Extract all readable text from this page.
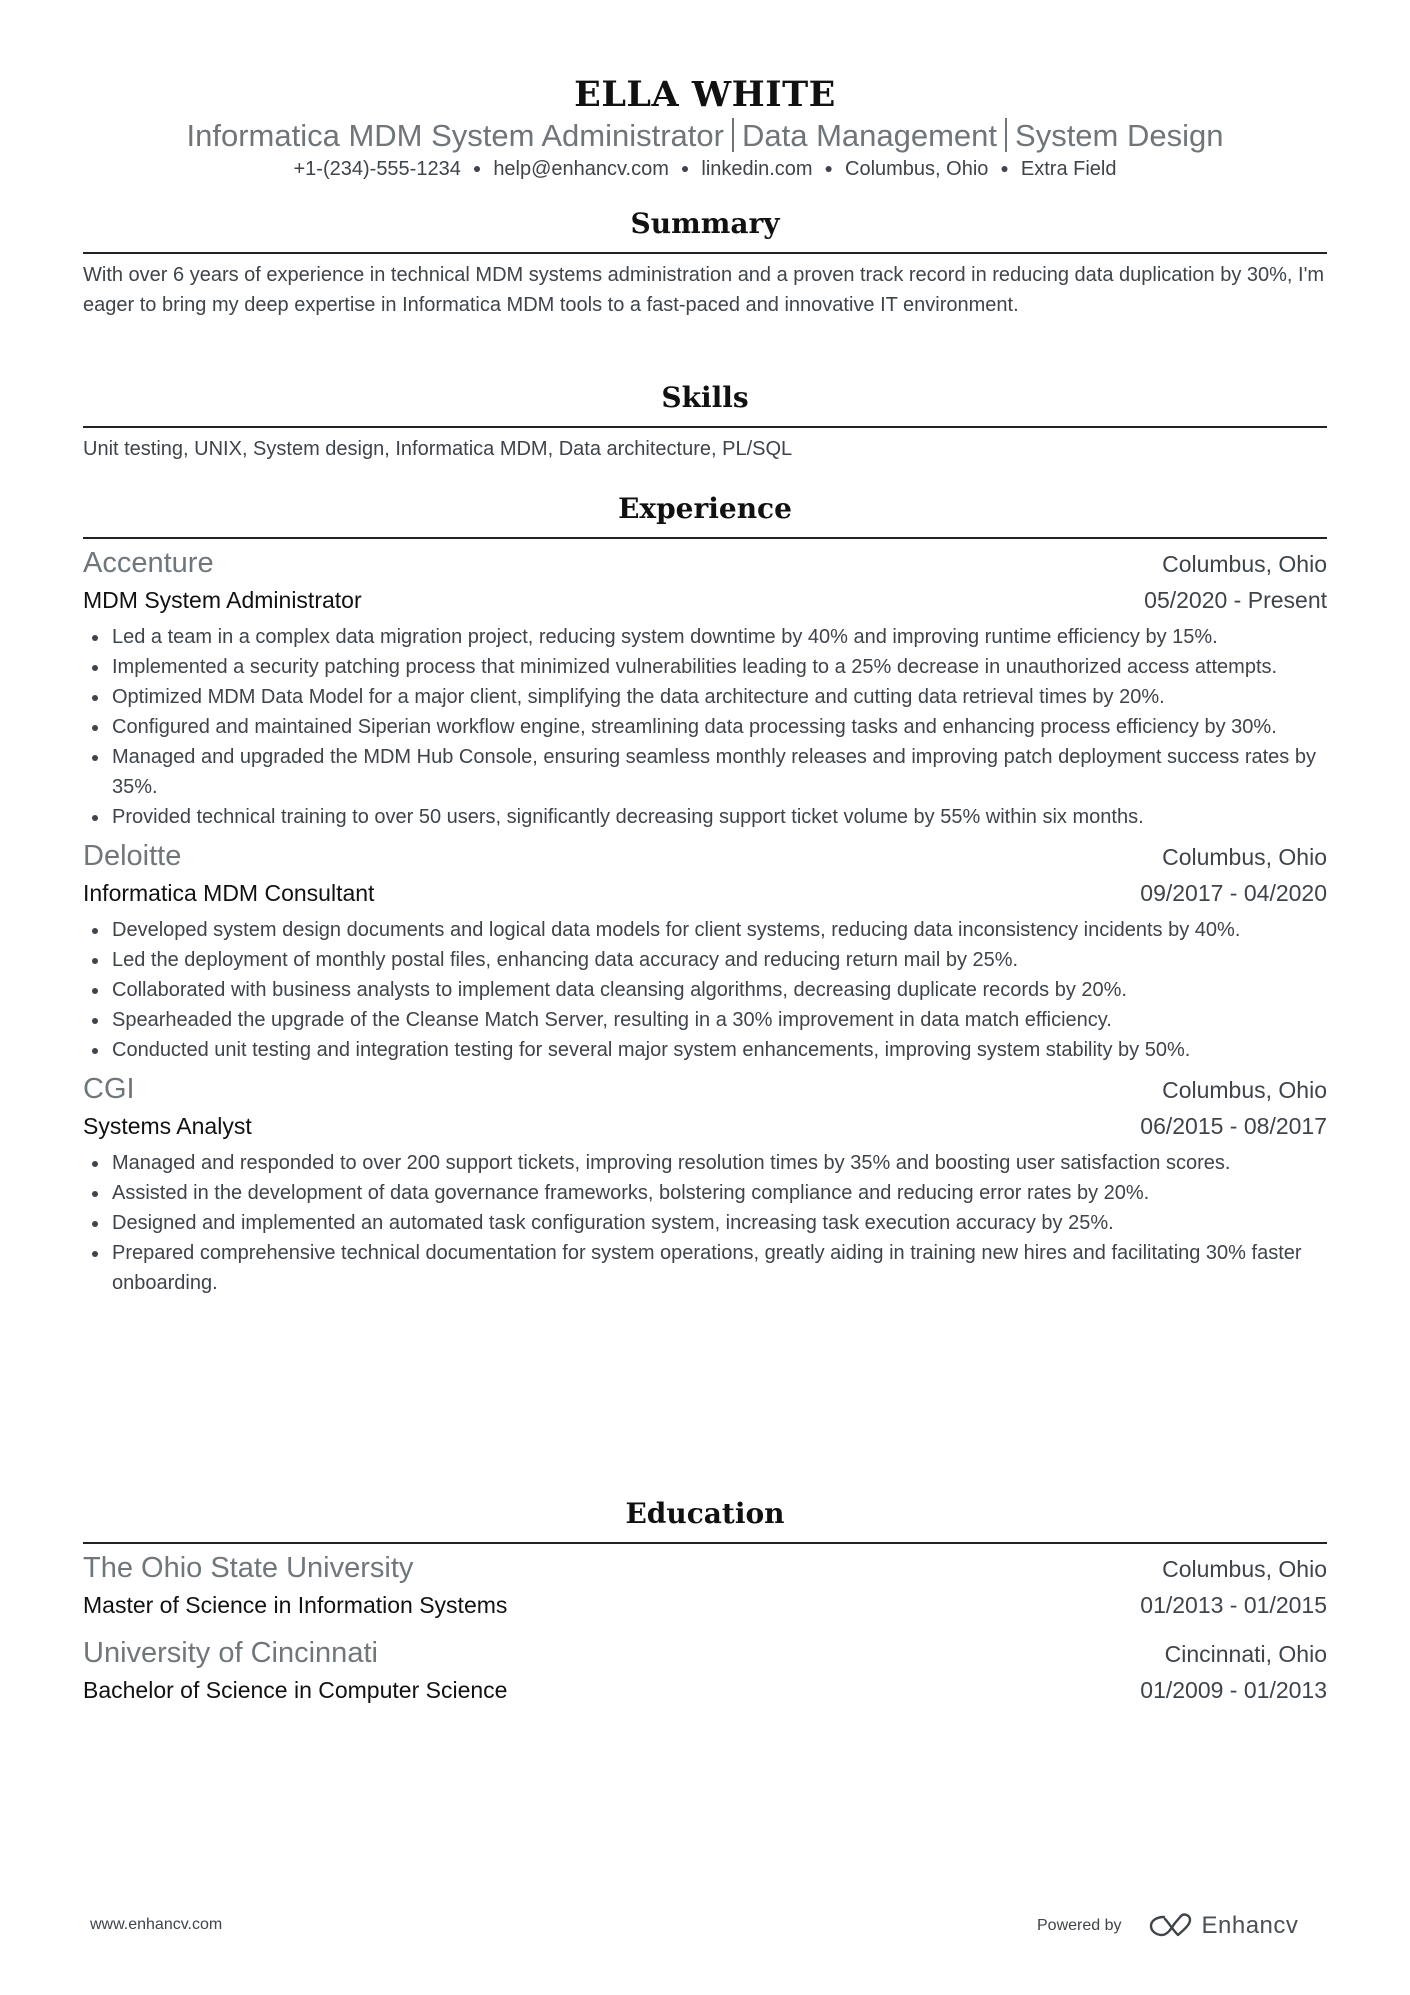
ELLA WHITE
Informatica MDM System Administrator Data Management System Design
+1-(234)-555-1234 ● help@enhancv.com ● linkedin.com ● Columbus, Ohio ● Extra Field
Summary
With over 6 years of experience in technical MDM systems administration and a proven track record in reducing data duplication by 30%, I'm eager to bring my deep expertise in Informatica MDM tools to a fast-paced and innovative IT environment.
Skills
Unit testing, UNIX, System design, Informatica MDM, Data architecture, PL/SQL
Experience
Accenture	Columbus, Ohio
MDM System Administrator	05/2020 - Present
Led a team in a complex data migration project, reducing system downtime by 40% and improving runtime efficiency by 15%.
Implemented a security patching process that minimized vulnerabilities leading to a 25% decrease in unauthorized access attempts.
Optimized MDM Data Model for a major client, simplifying the data architecture and cutting data retrieval times by 20%.
Configured and maintained Siperian workflow engine, streamlining data processing tasks and enhancing process efficiency by 30%.
Managed and upgraded the MDM Hub Console, ensuring seamless monthly releases and improving patch deployment success rates by 35%.
Provided technical training to over 50 users, significantly decreasing support ticket volume by 55% within six months.
Deloitte	Columbus, Ohio
Informatica MDM Consultant	09/2017 - 04/2020
Developed system design documents and logical data models for client systems, reducing data inconsistency incidents by 40%.
Led the deployment of monthly postal files, enhancing data accuracy and reducing return mail by 25%.
Collaborated with business analysts to implement data cleansing algorithms, decreasing duplicate records by 20%.
Spearheaded the upgrade of the Cleanse Match Server, resulting in a 30% improvement in data match efficiency.
Conducted unit testing and integration testing for several major system enhancements, improving system stability by 50%.
CGI	Columbus, Ohio
Systems Analyst	06/2015 - 08/2017
Managed and responded to over 200 support tickets, improving resolution times by 35% and boosting user satisfaction scores.
Assisted in the development of data governance frameworks, bolstering compliance and reducing error rates by 20%.
Designed and implemented an automated task configuration system, increasing task execution accuracy by 25%.
Prepared comprehensive technical documentation for system operations, greatly aiding in training new hires and facilitating 30% faster onboarding.
Education
The Ohio State University	Columbus, Ohio
Master of Science in Information Systems	01/2013 - 01/2015
University of Cincinnati	Cincinnati, Ohio
Bachelor of Science in Computer Science	01/2009 - 01/2013
www.enhancv.com	Powered by	Enhancv
